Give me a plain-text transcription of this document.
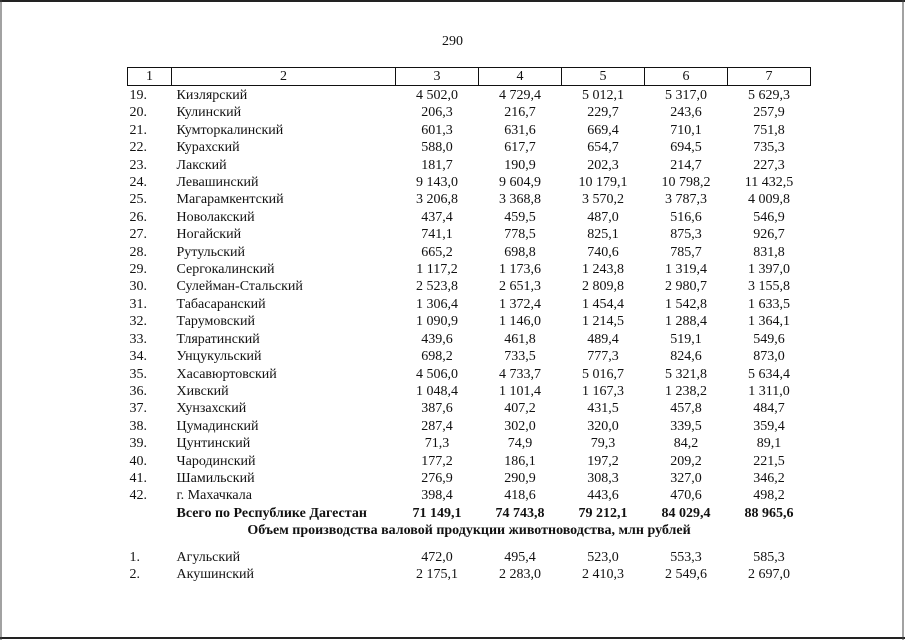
290
1	2	3	4	5	6	7
19.	Кизлярский	4 502,0	4 729,4	5 012,1	5 317,0	5 629,3
20.	Кулинский	206,3	216,7	229,7	243,6	257,9
21.	Кумторкалинский	601,3	631,6	669,4	710,1	751,8
22.	Курахский	588,0	617,7	654,7	694,5	735,3
23.	Лакский	181,7	190,9	202,3	214,7	227,3
24.	Левашинский	9 143,0	9 604,9	10 179,1	10 798,2	11 432,5
25.	Магарамкентский	3 206,8	3 368,8	3 570,2	3 787,3	4 009,8
26.	Новолакский	437,4	459,5	487,0	516,6	546,9
27.	Ногайский	741,1	778,5	825,1	875,3	926,7
28.	Рутульский	665,2	698,8	740,6	785,7	831,8
29.	Сергокалинский	1 117,2	1 173,6	1 243,8	1 319,4	1 397,0
30.	Сулейман-Стальский	2 523,8	2 651,3	2 809,8	2 980,7	3 155,8
31.	Табасаранский	1 306,4	1 372,4	1 454,4	1 542,8	1 633,5
32.	Тарумовский	1 090,9	1 146,0	1 214,5	1 288,4	1 364,1
33.	Тляратинский	439,6	461,8	489,4	519,1	549,6
34.	Унцукульский	698,2	733,5	777,3	824,6	873,0
35.	Хасавюртовский	4 506,0	4 733,7	5 016,7	5 321,8	5 634,4
36.	Хивский	1 048,4	1 101,4	1 167,3	1 238,2	1 311,0
37.	Хунзахский	387,6	407,2	431,5	457,8	484,7
38.	Цумадинский	287,4	302,0	320,0	339,5	359,4
39.	Цунтинский	71,3	74,9	79,3	84,2	89,1
40.	Чародинский	177,2	186,1	197,2	209,2	221,5
41.	Шамильский	276,9	290,9	308,3	327,0	346,2
42.	г. Махачкала	398,4	418,6	443,6	470,6	498,2
	Всего по Республике Дагестан	71 149,1	74 743,8	79 212,1	84 029,4	88 965,6
Объем производства валовой продукции животноводства, млн рублей						
1.	Агульский	472,0	495,4	523,0	553,3	585,3
2.	Акушинский	2 175,1	2 283,0	2 410,3	2 549,6	2 697,0
